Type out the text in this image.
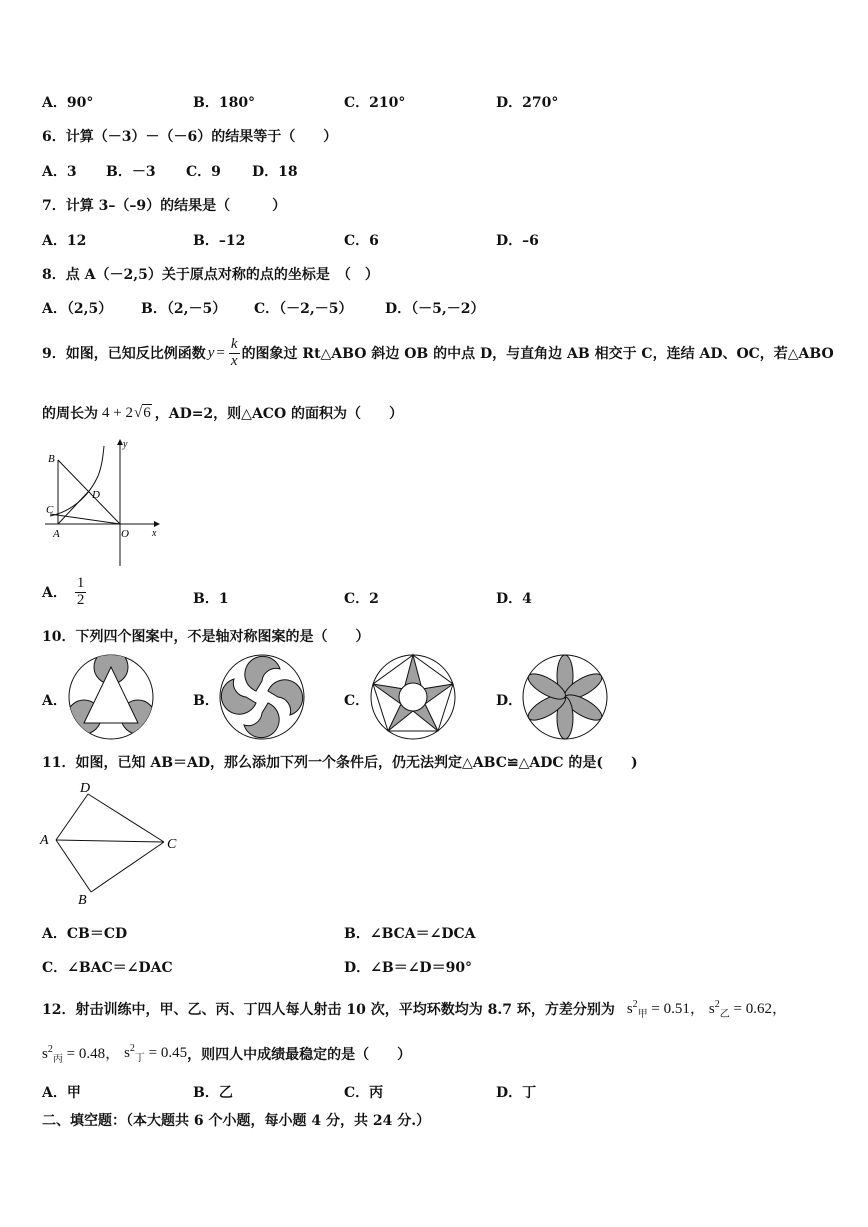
A．90°	B．180°	C．210°	D．270°
6．计算（－3）－（－6）的结果等于（　　）
A．3 B．－3 C．9 D．18
7．计算 3–（–9）的结果是（　　　）
A．12	B．–12	C．6	D．–6
8．点 A（－2,5）关于原点对称的点的坐标是　（　）
A．（2,5） B．（2,－5） C．（－2,－5） D．（－5,－2）
9．如图，已知反比例函数 $y = \frac{k}{x}$ 的图象过 Rt△ABO 斜边 OB 的中点 D，与直角边 AB 相交于 C，连结 AD、OC，若△ABO
的周长为 4 + 2 √ 6 ，AD=2，则△ACO 的面积为（　　）
B
C
D
A	O x
y
A． $\frac{1}{2}$	B．1	C．2	D．4
10．下列四个图案中，不是轴对称图案的是（　　）
A．	B．	C．	D．
11．如图，已知 AB＝AD，那么添加下列一个条件后，仍无法判定△ABC≌△ADC 的是(　　)
D
A	C
B
A．CB＝CD	B．∠BCA＝∠DCA
C．∠BAC＝∠DAC	D．∠B＝∠D＝90°
12．射击训练中，甲、乙、丙、丁四人每人射击 10 次，平均环数均为 8.7 环，方差分别为 $s^2_甲 = 0.51$， $s^2_乙 = 0.62$，
$s^2_丙 = 0.48$， $s^2_丁 = 0.45$ ，则四人中成绩最稳定的是（　　）
A．甲	B．乙	C．丙	D．丁
二、填空题：（本大题共 6 个小题，每小题 4 分，共 24 分.）
